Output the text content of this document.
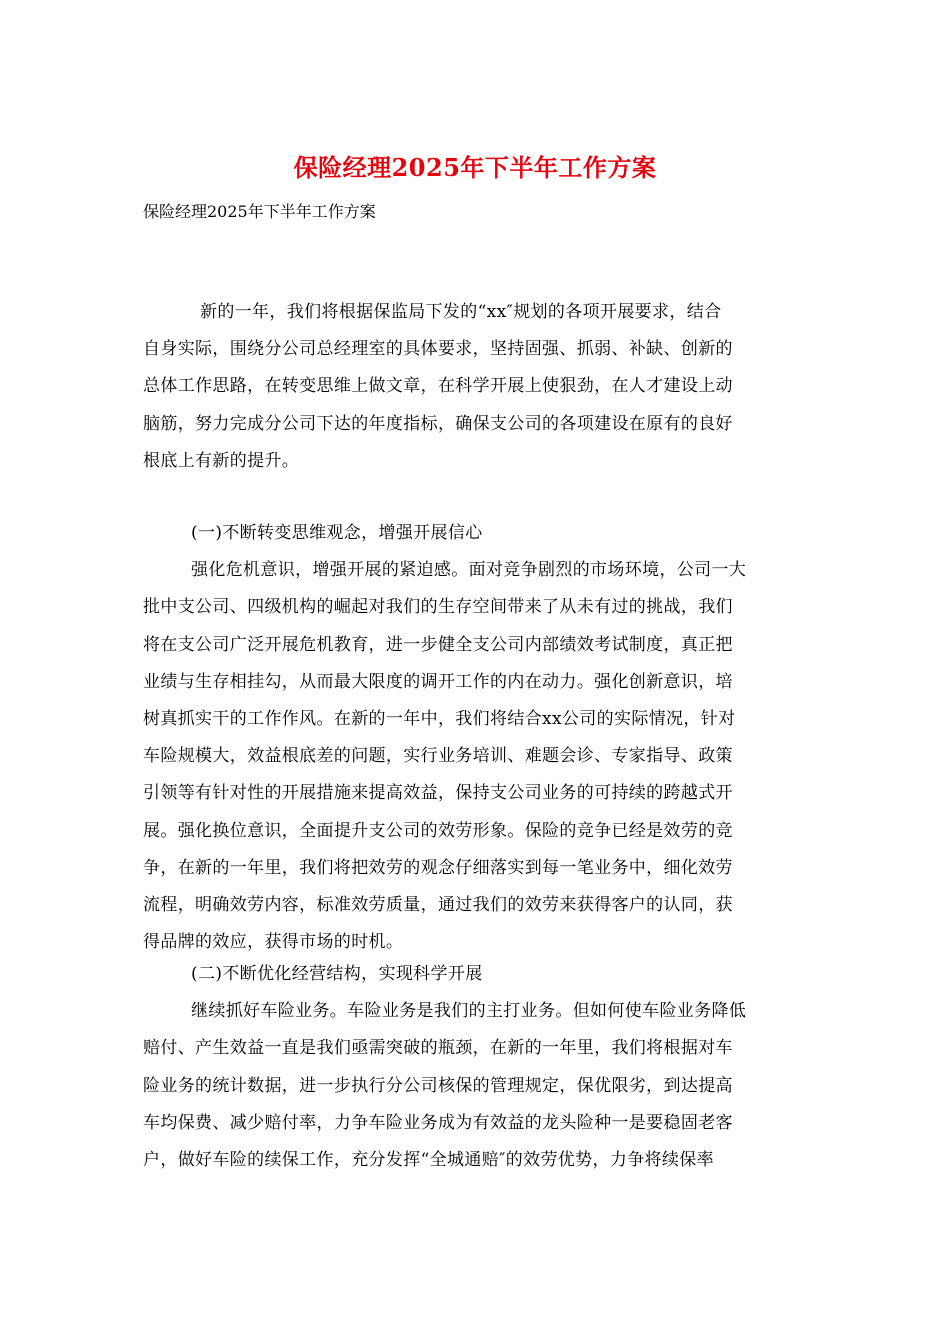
保险经理2025年下半年工作方案
保险经理2025年下半年工作方案
新的一年，我们将根据保监局下发的“xx″规划的各项开展要求，结合
自身实际，围绕分公司总经理室的具体要求，坚持固强、抓弱、补缺、创新的
总体工作思路，在转变思维上做文章，在科学开展上使狠劲，在人才建设上动
脑筋，努力完成分公司下达的年度指标，确保支公司的各项建设在原有的良好
根底上有新的提升。
(一)不断转变思维观念，增强开展信心
强化危机意识，增强开展的紧迫感。面对竞争剧烈的市场环境，公司一大
批中支公司、四级机构的崛起对我们的生存空间带来了从未有过的挑战，我们
将在支公司广泛开展危机教育，进一步健全支公司内部绩效考试制度，真正把
业绩与生存相挂勾，从而最大限度的调开工作的内在动力。强化创新意识，培
树真抓实干的工作作风。在新的一年中，我们将结合xx公司的实际情况，针对
车险规模大，效益根底差的问题，实行业务培训、难题会诊、专家指导、政策
引领等有针对性的开展措施来提高效益，保持支公司业务的可持续的跨越式开
展。强化换位意识，全面提升支公司的效劳形象。保险的竞争已经是效劳的竞
争，在新的一年里，我们将把效劳的观念仔细落实到每一笔业务中，细化效劳
流程，明确效劳内容，标准效劳质量，通过我们的效劳来获得客户的认同，获
得品牌的效应，获得市场的时机。
(二)不断优化经营结构，实现科学开展
继续抓好车险业务。车险业务是我们的主打业务。但如何使车险业务降低
赔付、产生效益一直是我们亟需突破的瓶颈，在新的一年里，我们将根据对车
险业务的统计数据，进一步执行分公司核保的管理规定，保优限劣，到达提高
车均保费、减少赔付率，力争车险业务成为有效益的龙头险种一是要稳固老客
户，做好车险的续保工作，充分发挥“全城通赔″的效劳优势，力争将续保率
